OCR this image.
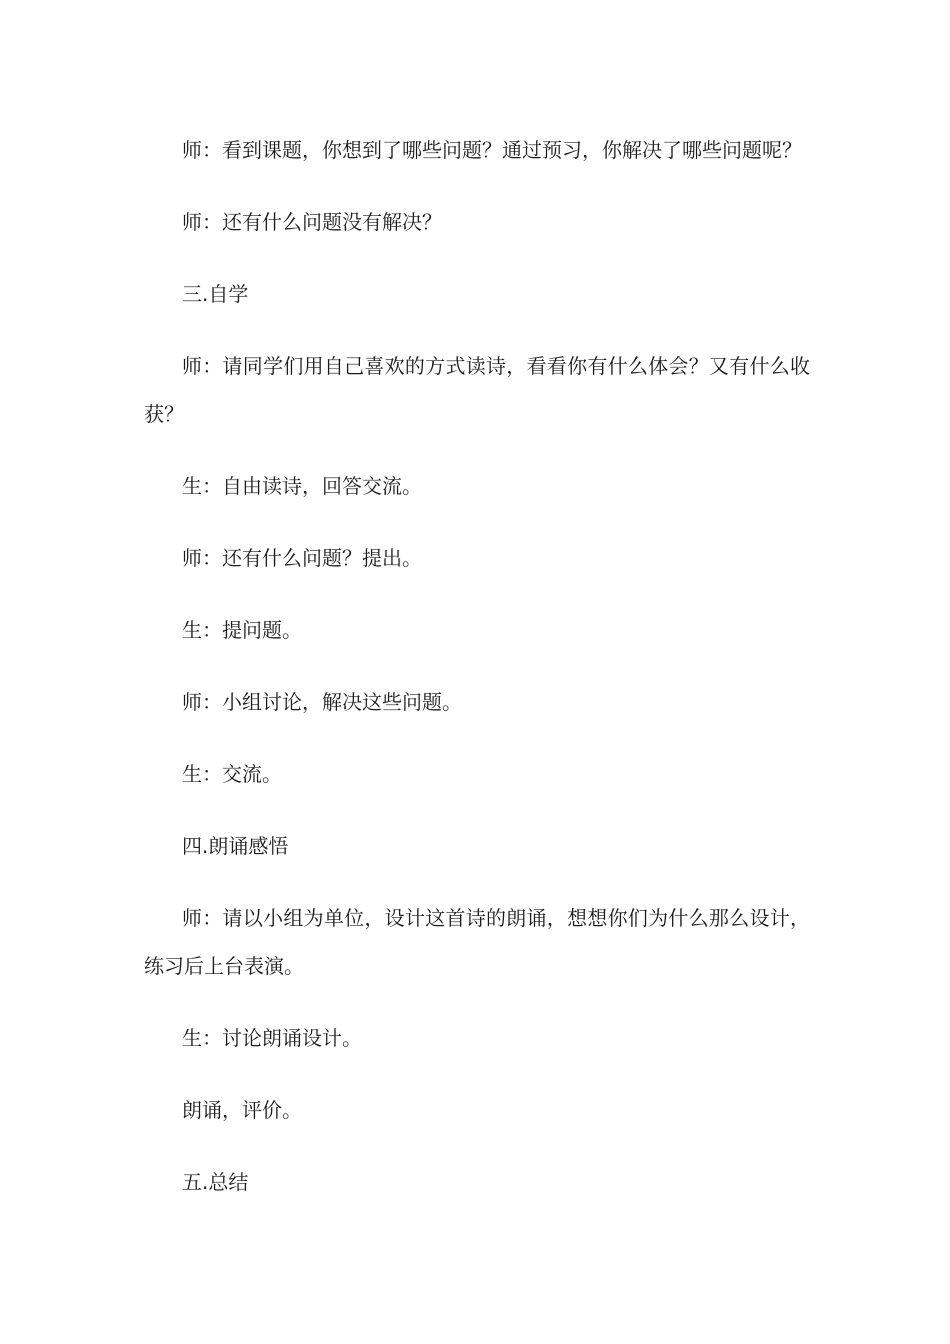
师：看到课题，你想到了哪些问题？通过预习，你解决了哪些问题呢？

师：还有什么问题没有解决？

三.自学

师：请同学们用自己喜欢的方式读诗，看看你有什么体会？又有什么收获？

生：自由读诗，回答交流。

师：还有什么问题？提出。

生：提问题。

师：小组讨论，解决这些问题。

生：交流。

四.朗诵感悟

师：请以小组为单位，设计这首诗的朗诵，想想你们为什么那么设计，练习后上台表演。

生：讨论朗诵设计。

朗诵，评价。

五.总结
